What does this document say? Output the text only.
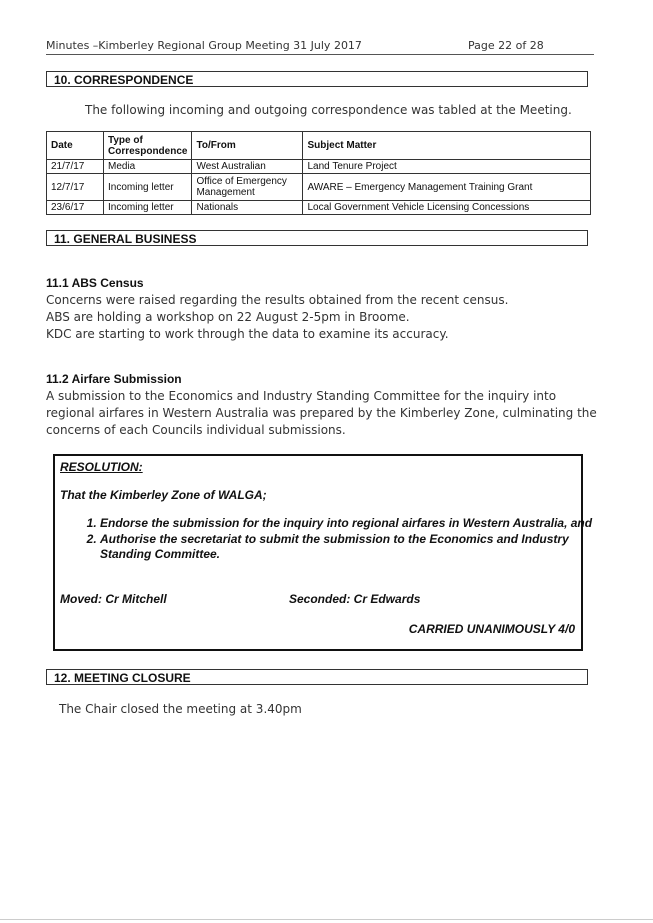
Minutes –Kimberley Regional Group Meeting 31 July 2017	Page 22 of 28
10. CORRESPONDENCE
The following incoming and outgoing correspondence was tabled at the Meeting.
Date	Type of Correspondence	To/From	Subject Matter
21/7/17	Media	West Australian	Land Tenure Project
12/7/17	Incoming letter	Office of Emergency Management	AWARE – Emergency Management Training Grant
23/6/17	Incoming letter	Nationals	Local Government Vehicle Licensing Concessions
11. GENERAL BUSINESS
11.1 ABS Census
Concerns were raised regarding the results obtained from the recent census.
ABS are holding a workshop on 22 August 2-5pm in Broome.
KDC are starting to work through the data to examine its accuracy.
11.2 Airfare Submission
A submission to the Economics and Industry Standing Committee for the inquiry into
regional airfares in Western Australia was prepared by the Kimberley Zone, culminating the
concerns of each Councils individual submissions.
RESOLUTION:
That the Kimberley Zone of WALGA;
1. Endorse the submission for the inquiry into regional airfares in Western Australia, and
2. Authorise the secretariat to submit the submission to the Economics and Industry Standing Committee.
Moved: Cr Mitchell	Seconded: Cr Edwards
CARRIED UNANIMOUSLY 4/0
12. MEETING CLOSURE
The Chair closed the meeting at 3.40pm
